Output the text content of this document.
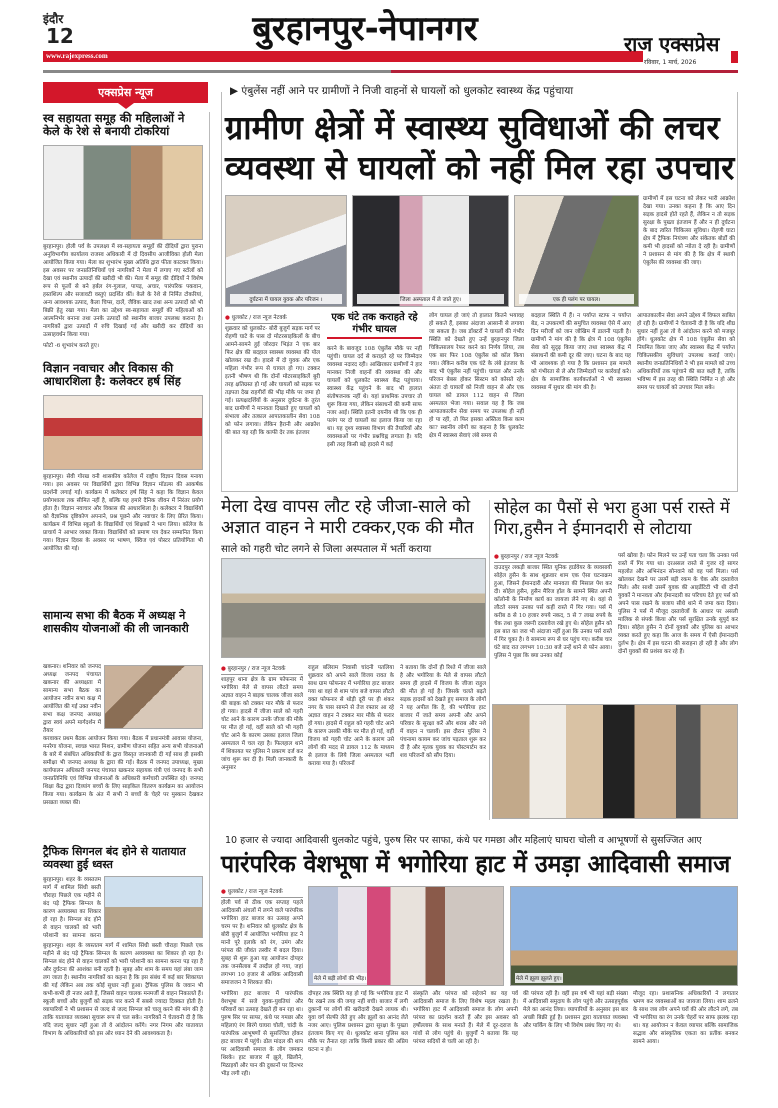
इंदौर
12	बुरहानपुर-नेपानगर
www.rajexpress.com	राज एक्सप्रेस
रविवार, 1 मार्च, 2026
एक्सप्रेस न्यूज
स्व सहायता समूह की महिलाओं ने केले के रेशे से बनायी टोकरियां
बुरहानपुर। होली पर्व के उपलक्ष्य में स्व-सहायता समूहों की दीदियों द्वारा पुराना अनुविभागीय कार्यालय राजस्व अधिकारी में दो दिवसीय आजीविका होली मेला आयोजित किया गया। मेला का शुभारंभ मुख्य अतिथि द्वारा फीता काटकर किया। इस अवसर पर जनप्रतिनिधियों एवं नागरिकों ने मेला में लगाए गए स्टॉलों को देखा एवं स्थानीय उत्पादों की खरीदी भी की। मेला में समूह की दीदियों ने विशेष रूप से फूलों से बने हर्बल रंग-गुलाल, पापड़, अचार, पारंपरिक पकवान, हस्तशिल्प और सजावटी वस्तुएं प्रदर्शित कीं। केले के रेशे से निर्मित टोकरियां, अन्य आवश्यक उत्पाद, कैला चिप्स, दालें, जैविक खाद तथा अन्य उत्पादों को भी बिक्री हेतु रखा गया। मेला का उद्देश्य स्व-सहायता समूहों की महिलाओं को आत्मनिर्भर बनाना तथा उनके उत्पादों को स्थानीय बाजार उपलब्ध कराना है। नागरिकों द्वारा उत्पादों में रुचि दिखाई गई और खरीदी कर दीदियों का उत्साहवर्धन किया गया।
फोटो -6 शुभारंभ करते हुए।
विज्ञान नवाचार और विकास की आधारशिला है: कलेक्टर हर्ष सिंह
बुरहानपुर। सेवी गोरख वनी शासकीय कॉलेज में राष्ट्रीय विज्ञान दिवस मनाया गया। इस अवसर पर विद्यार्थियों द्वारा विभिन्न विज्ञान मॉडल्स की आकर्षक प्रदर्शनी लगाई गई। कार्यक्रम में कलेक्टर हर्ष सिंह ने कहा कि विज्ञान केवल प्रयोगशाला तक सीमित नहीं है, बल्कि यह हमारे दैनिक जीवन में निरंतर प्रयोग होता है। विज्ञान नवाचार और विकास की आधारशिला है। कलेक्टर ने विद्यार्थियों को वैज्ञानिक दृष्टिकोण अपनाने, प्रश्न पूछने और नवाचार के लिए प्रेरित किया। कार्यक्रम में विभिन्न स्कूलों के विद्यार्थियों एवं शिक्षकों ने भाग लिया। कॉलेज के प्राचार्य ने आभार व्यक्त किया। विद्यार्थियों को प्रमाण पत्र देकर सम्मानित किया गया। विज्ञान दिवस के अवसर पर भाषण, क्विज एवं पोस्टर प्रतियोगिता भी आयोजित की गई।
सामान्य सभा की बैठक में अध्यक्ष ने शासकीय योजनाओं की ली जानकारी
खकनार। शनिवार को जनपद अध्यक्ष जनपद पंचायत खकनार की अध्यक्षता में सामान्य सभा बैठक का आयोजन नवीन सभा कक्ष में आयोजित की गई उक्त नवीन सभा कक्ष जनपद अध्यक्ष द्वारा स्वयं अपने मार्गदर्शन में तैयार
करवाकर प्रथम बैठक आयोजन किया गया। बैठक में प्रधानमंत्री आवास योजना, मनरेगा योजना, स्वच्छ भारत मिशन, ग्रामीण योजना सहित अन्य सभी योजनाओं के बारे में संबंधित अधिकारियों के द्वारा विस्तृत जानकारी दी गई साथ ही इसकी समीक्षा भी जनपद अध्यक्ष के द्वारा की गई। बैठक में जनपद उपाध्यक्ष, मुख्य कार्यपालन अधिकारी जनपद पंचायत खकनार सहायक यंत्री एवं जनपद के सभी जनप्रतिनिधि एवं विभिन्न योजनाओं के अधिकारी कर्मचारी उपस्थित रहे। जनपद शिक्षा केंद्र द्वारा दिव्यांग बच्चों के लिए साइकिल वितरण कार्यक्रम का आयोजन किया गया। कार्यक्रम के अंत में सभी ने बच्चों के चेहरे पर मुस्कान देखकर प्रसन्नता व्यक्त की।
ट्रैफिक सिगनल बंद होने से यातायात व्यवस्था हुई ध्वस्त
बुरहानपुर। शहर के व्यस्ततम मार्ग में शामिल सिंधी बस्ती चौराहा पिछले एक महीने से बंद पड़े ट्रैफिक सिग्नल के कारण अव्यवस्था का शिकार हो रहा है। सिग्नल बंद होने से वाहन चालकों को भारी परेशानी का सामना करना
बुरहानपुर। शहर के व्यस्ततम मार्ग में शामिल सिंधी बस्ती चौराहा पिछले एक महीने से बंद पड़े ट्रैफिक सिग्नल के कारण अव्यवस्था का शिकार हो रहा है। सिग्नल बंद होने से वाहन चालकों को भारी परेशानी का सामना करना पड़ रहा है और दुर्घटना की आशंका बनी रहती है। सुबह और शाम के समय यहां लंबा जाम लग जाता है। स्थानीय नागरिकों का कहना है कि इस संबंध में कई बार शिकायत की गई लेकिन अब तक कोई सुधार नहीं हुआ। ट्रैफिक पुलिस के जवान भी कभी-कभी ही नजर आते हैं, जिससे वाहन चालक मनमर्जी से वाहन निकालते हैं। स्कूली बच्चों और बुजुर्गों को सड़क पार करने में सबसे ज्यादा दिक्कत होती है। व्यापारियों ने भी प्रशासन से जल्द से जल्द सिग्नल को चालू करने की मांग की है ताकि यातायात व्यवस्था सुचारू रूप से चल सके। नागरिकों ने चेतावनी दी है कि यदि जल्द सुधार नहीं हुआ तो वे आंदोलन करेंगे। नगर निगम और यातायात विभाग के अधिकारियों को इस ओर ध्यान देने की आवश्यकता है।
▶ एंबुलेंस नहीं आने पर ग्रामीणों ने निजी वाहनों से घायलों को धुलकोट स्वास्थ्य केंद्र पहुंचाया
ग्रामीण क्षेत्रों में स्वास्थ्य सुविधाओं की लचर व्यवस्था से घायलों को नहीं मिल रहा उपचार
दुर्घटना में घायल युवक और परिजन ।	जिला अस्पताल में ले जाते हुए।	एक ही पलंग पर घायल।
ग्रामीणों में इस घटना को लेकर भारी आक्रोश देखा गया। उनका कहना है कि आए दिन सड़क हादसे होते रहते हैं, लेकिन न तो सड़क सुरक्षा के पुख्ता इंतजाम हैं और न ही दुर्घटना के बाद त्वरित चिकित्सा सुविधा। रोहणी घाटा क्षेत्र में ट्रैफिक नियंत्रण और संकेतक बोर्डों की कमी भी हादसों को न्योता दे रही है। ग्रामीणों ने प्रशासन से मांग की है कि क्षेत्र में स्थायी एंबुलेंस की व्यवस्था की जाए।
● धुलकोट / राज न्यूज नेटवर्क
शुक्रवार को धुलकोट- बोरी बुजुर्ग सड़क मार्ग पर रोहणी घाटे के पास दो मोटरसाइकिलों के बीच आमने-सामने हुई जोरदार भिड़ंत ने एक बार फिर क्षेत्र की बदहाल स्वास्थ्य व्यवस्था की पोल खोलकर रख दी। हादसे में दो युवक और एक महिला गंभीर रूप से घायल हो गए। टक्कर इतनी भीषण थी कि दोनों मोटरसाइकिलें बुरी तरह क्षतिग्रस्त हो गईं और घायलों को सड़क पर तड़पता देख राहगीरों की भीड़ मौके पर जमा हो गई। प्रत्यक्षदर्शियों के अनुसार दुर्घटना के तुरंत बाद ग्रामीणों ने मानवता दिखाते हुए घायलों को संभाला और तत्काल आपातकालीन सेवा 108 को फोन लगाया। लेकिन हैरानी और आक्रोश की बात यह रही कि काफी देर तक इंतजार
एक घंटे तक कराहते रहे गंभीर घायल
करने के बावजूद 108 एंबुलेंस मौके पर नहीं पहुंची। घायल दर्द से कराहते रहे पर जिम्मेदार व्यवस्था नदारद रही। आखिरकार ग्रामीणों ने हार मानकर निजी वाहनों की व्यवस्था की और घायलों को धुलकोट स्वास्थ्य केंद्र पहुंचाया। स्वास्थ्य केंद्र पहुंचने के बाद भी हालात संतोषजनक नहीं थे। यहां प्राथमिक उपचार तो शुरू किया गया, लेकिन संसाधनों की कमी साफ नजर आई। स्थिति इतनी दयनीय थी कि एक ही पलंग पर दो घायलों का इलाज किया जा रहा था। यह दृश्य स्वास्थ्य विभाग की तैयारियों और व्यवस्थाओं पर गंभीर प्रश्नचिह्न लगाता है। यदि इसी तरह किसी बड़े हादसे में कई
लोग घायल हो जाएं तो हालात कितने भयावह हो सकते हैं, इसका अंदाजा आसानी से लगाया जा सकता है। जब डॉक्टरों ने घायलों की गंभीर स्थिति को देखते हुए उन्हें बुरहानपुर जिला चिकित्सालय रेफर करने का निर्णय लिया, तब एक बार फिर 108 एंबुलेंस को कॉल किया गया। लेकिन करीब एक घंटे के लंबे इंतजार के बाद भी एंबुलेंस नहीं पहुंची। घायल और उनके परिजन बेबस होकर सिस्टम को कोसते रहे। अंततः दो घायलों को निजी वाहन से और एक घायल को डायल 112 वाहन से जिला अस्पताल भेजा गया। सवाल यह है कि जब आपातकालीन सेवा समय पर उपलब्ध ही नहीं हो पा रही, तो फिर इसका अस्तित्व किस काम का? स्थानीय लोगों का कहना है कि धुलकोट क्षेत्र में स्वास्थ्य सेवाएं लंबे समय से
बदहाल स्थिति में हैं। न पर्याप्त स्टाफ न पर्याप्त बेड, न उपकरणों की समुचित व्यवस्था ऐसे में आए दिन मरीजों को जान जोखिम में डालनी पड़ती है। ग्रामीणों ने मांग की है कि क्षेत्र में 108 एंबुलेंस सेवा को सुदृढ़ किया जाए तथा स्वास्थ्य केंद्र में संसाधनों की कमी दूर की जाए। घटना के बाद यह भी आवश्यक हो गया है कि प्रशासन इस मामले को गंभीरता से ले और जिम्मेदारों पर कार्रवाई करे। क्षेत्र के सामाजिक कार्यकर्ताओं ने भी स्वास्थ्य व्यवस्था में सुधार की मांग की है।
आपातकालीन सेवा अपने उद्देश्य में विफल साबित हो रही है। ग्रामीणों ने चेतावनी दी है कि यदि शीघ्र सुधार नहीं हुआ तो वे आंदोलन करने को मजबूर होंगे। धुलकोट क्षेत्र में 108 एंबुलेंस सेवा को नियमित किया जाए और स्वास्थ्य केंद्र में पर्याप्त चिकित्सकीय सुविधाएं उपलब्ध कराई जाएं। स्थानीय जनप्रतिनिधियों ने भी इस मामले को उच्च अधिकारियों तक पहुंचाने की बात कही है, ताकि भविष्य में इस तरह की स्थिति निर्मित न हो और समय पर घायलों को उपचार मिल सके।
मेला देख वापस लौट रहे जीजा-साले को अज्ञात वाहन ने मारी टक्कर,एक की मौत
साले को गहरी चोट लगने से जिला अस्पताल में भर्ती कराया
● बुरहानपुर / राज न्यूज नेटवर्क
शाहपुर थाना क्षेत्र के ग्राम फोफनार में भगोरिया मेले से वापस लौटते समय अज्ञात वाहन ने बाइक चालक जीजा साले की बाइक को टक्कर मार मौके से फरार हो गया। हादसे में जीजा साले को गहरी चोट आने के कारण उनके जीजा की मौके पर मौत हो गई, वहीं साले को भी गहरी चोट आने के कारण उसका इलाज जिला अस्पताल में चल रहा है। फिलहाल थाने में शिकायत पर पुलिस ने प्रकरण दर्ज कर जांच शुरू कर दी है। मिली जानकारी के अनुसार
राहुल बलिराम निवासी चांदनी पतलिया शुक्रवार को अपने साले विजय रावत के साथ ग्राम फोफनार में भगोरिया हाट बाजार गया था वहां से शाम पांच बजे वापस लौटते वक्त फोफनार से थोड़ी दूरी पर ही शंकर नगर के पास सामने से तेज रफ्तार आ रहे अज्ञात वाहन ने टक्कर मार मौके से फरार हो गया। हादसे में राहुल को गहरी चोट आने के कारण उसकी मौके पर मौत हो गई, वहीं विजय को गहरी चोट आने के कारण उसे लोगों की मदद से डायल 112 के माध्यम से इलाज के लिये जिला अस्पताल भर्ती कराया गया है। परिजनों
ने बताया कि दोनों ही रिश्ते में जीजा साले है और भगोरिया के मेले से वापस लौटते समय ही हादसे में विजय के जीजा राहुल की मौत हो गई है। जिसके चलते बढ़ते सड़क हादसों को देखते हुए समाज के लोगों ने यह अपील कि है, की भगोरिया हाट बाजार में जाते समय अपनी और अपने परिवार के सुरक्षा करें और शराब और नशे में वाहन न चलायें। इस दौरान पुलिस ने पंचनामा कायम कर जांच पड़ताल शुरू कर दी है और मृतक युवक का पोस्टमार्टम कर शव परिजनों को सौंप दिया।
सोहेल का पैसों से भरा हुआ पर्स रास्ते में गिरा,हुसैन ने ईमानदारी से लोटाया
● बुरहानपुर / राज न्यूज नेटवर्क
दाउदपुर लकड़ी बाजार स्थित यूनिक हार्डवेयर के व्यवसायी सोहेल हुसैन के साथ शुक्रवार शाम एक ऐसा घटनाक्रम हुआ, जिसने ईमानदारी और मानवता की मिसाल पेश कर दी। सोहेल हुसैन, हुसैन मैरिज हॉल के सामने स्थित अपनी कॉलोनी के निर्माण कार्य का जायजा लेने गए थे। वहां से लौटते समय उनका पर्स कहीं रास्ते में गिर गया। पर्स में करीब 8 से 10 हजार रुपये नकद, 5 से 7 लाख रुपये के चेक तथा कुछ जरूरी दस्तावेज रखे हुए थे। सोहेल हुसैन को इस बात का जरा भी अंदाजा नहीं हुआ कि उनका पर्स रास्ते में गिर चुका है। वे सामान्य रूप से घर पहुंच गए। करीब चार घंटे बाद रात लगभग 10:30 बजे उन्हें थाने से फोन आया। पुलिस ने पूछा कि क्या उनका कोई
पर्स खोया है। फोन मिलने पर उन्हें पता चला कि उनका पर्स रास्ते में गिर गया था। दरअसल रास्ते से गुजर रहे सागर महलोत और अभिनंदन सोनवाने को वह पर्स मिला। पर्स खोलकर देखने पर उसमें बड़ी रकम के चेक और दस्तावेज मिले। और साथी उसमें युवक की आइडेंटिटी भी थी दोनों युवकों ने मानवता और ईमानदारी का परिचय देते हुए पर्स को अपने पास रखने के बजाय सीधे थाने में जमा करा दिया। पुलिस ने पर्स में मौजूद दस्तावेजों के आधार पर असली मालिक से संपर्क किया और पर्स सुरक्षित उनके सुपुर्द कर दिया। सोहेल हुसैन ने दोनों युवकों और पुलिस का आभार व्यक्त करते हुए कहा कि आज के समय में ऐसी ईमानदारी दुर्लभ है। क्षेत्र में इस घटना की सराहना हो रही है और लोग दोनों युवकों की प्रशंसा कर रहे हैं।
10 हजार से ज्यादा आदिवासी धुलकोट पहुंचे, पुरुष सिर पर साफा, कंधे पर गमछा और महिलाएं घाघरा चोली व आभूषणों से सुसज्जित आए
पारंपरिक वेशभूषा में भगोरिया हाट में उमड़ा आदिवासी समाज
● धुलकोट / राज न्यूज नेटवर्क
होली पर्व से ठीक एक सप्ताह पहले आदिवासी अंचलों में लगने वाले पारंपरिक भगोरिया हाट बाजार का उत्साह अपने चरम पर है। शनिवार को धुलकोट क्षेत्र के बोरी बुजुर्ग में आयोजित भगोरिया हाट ने मानो पूरे इलाके को रंग, उमंग और परंपरा की जीवंत तस्वीर में बदल दिया। सुबह से शुरू हुआ यह आयोजन दोपहर तक जनसैलाब में तब्दील हो गया, जहां लगभग 10 हजार से अधिक आदिवासी समाजजन ने शिरकत की।
मेले में बड़ी लोगों की भीड़।	मेले में झूला झूलते हुए।
भगोरिया हाट बाजार में पारंपरिक वेशभूषा में सजे युवक-युवतियां और परिवारों का उत्साह देखते ही बन रहा था। पुरुष सिर पर साफा, कंधे पर गमछा और महिलाएं रंग बिरंगे घाघरा चोली, चांदी के पारंपरिक आभूषणों से सुसज्जित होकर हाट बाजार में पहुंचे। ढोल मांदल की थाप पर आदिवासी समाज के लोग जमकर थिरके। हाट बाजार में झूले, खिलौने, मिठाइयों और पान की दुकानों पर दिनभर भीड़ लगी रही।
दोपहर तक स्थिति यह हो गई कि भगोरिया हाट में पैर रखने तक की जगह नहीं बची। बाजार में लगी दुकानों पर लोगों की खरीदारी देखने लायक थी। युवा वर्ग सेल्फी लेते हुए और झूलों का आनंद लेते नजर आए। पुलिस प्रशासन द्वारा सुरक्षा के पुख्ता इंतजाम किए गए थे। धुलकोट थाना पुलिस बल मौके पर तैनात रहा ताकि किसी प्रकार की अप्रिय घटना न हो।
संस्कृति और परंपरा को सहेजने का यह पर्व आदिवासी समाज के लिए विशेष महत्व रखता है। भगोरिया हाट में आदिवासी समाज के लोग अपनी परंपरा का प्रदर्शन करते हैं और इस अवसर को हर्षोल्लास के साथ मनाते हैं। मेले में दूर-दराज के गांवों से लोग पहुंचे थे। बुजुर्गों ने बताया कि यह परंपरा सदियों से चली आ रही है।
की परंपरा रही है। वहीं इस वर्ष भी यहां बड़ी संख्या में आदिवासी समुदाय के लोग पहुंचे और उत्साहपूर्वक मेले का आनंद लिया। व्यापारियों के अनुसार इस बार अच्छी बिक्री हुई है। प्रशासन द्वारा यातायात व्यवस्था और पार्किंग के लिए भी विशेष प्रबंध किए गए थे।
मौजूद रहा। प्रशासनिक अधिकारियों ने लगातार भ्रमण कर व्यवस्थाओं का जायजा लिया। शाम ढलने के साथ जब लोग अपने घरों की ओर लौटने लगे, तब भी भगोरिया का रंग उनके चेहरों पर साफ झलक रहा था। यह आयोजन न केवल व्यापार बल्कि सामाजिक सद्भाव और सांस्कृतिक एकता का प्रतीक बनकर सामने आया।
